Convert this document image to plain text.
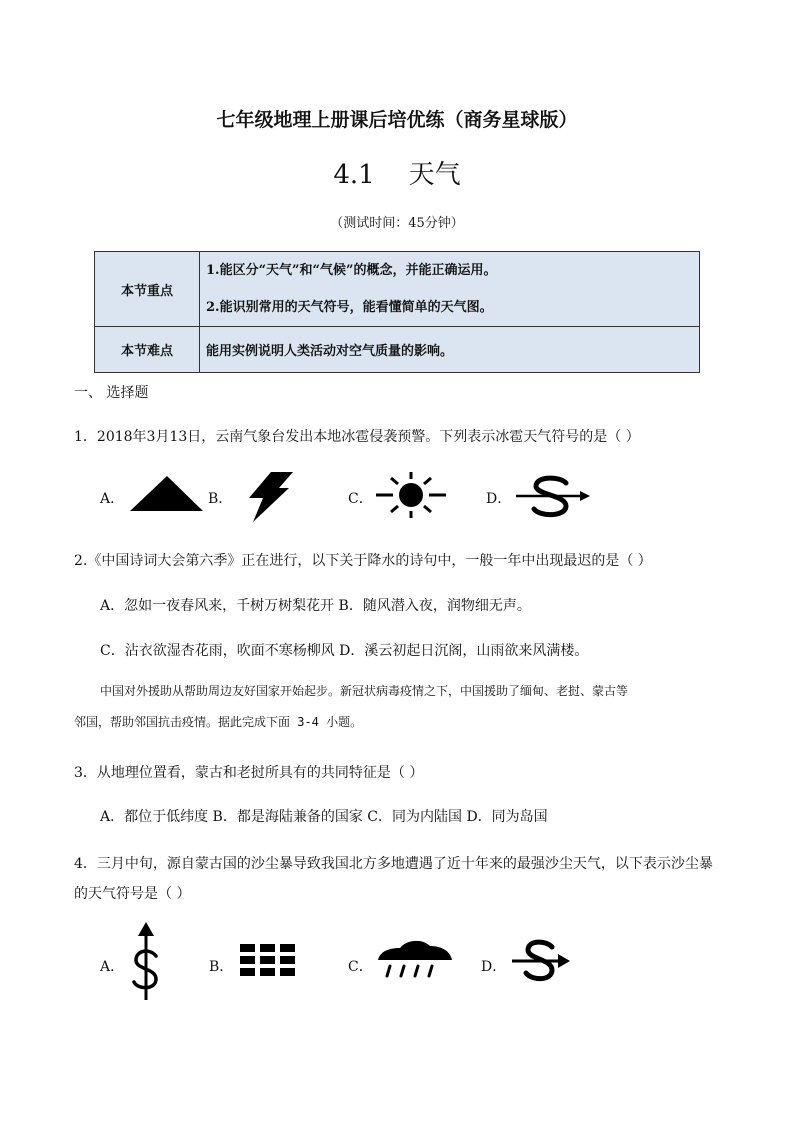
七年级地理上册课后培优练（商务星球版）
4.1 天气
（测试时间：45分钟）
本节重点	1.能区分“天气”和“气候”的概念，并能正确运用。
2.能识别常用的天气符号，能看懂简单的天气图。

本节难点	能用实例说明人类活动对空气质量的影响。
一、 选择题
1．2018年3月13日，云南气象台发出本地冰雹侵袭预警。下列表示冰雹天气符号的是（ ）
A．	B．	C．	D．
2.《中国诗词大会第六季》正在进行，以下关于降水的诗句中，一般一年中出现最迟的是（ ）
A．忽如一夜春风来，千树万树梨花开 B．随风潜入夜，润物细无声。
C．沾衣欲湿杏花雨，吹面不寒杨柳风 D．溪云初起日沉阁，山雨欲来风满楼。
中国对外援助从帮助周边友好国家开始起步。新冠状病毒疫情之下，中国援助了缅甸、老挝、蒙古等
邻国，帮助邻国抗击疫情。据此完成下面 3-4 小题。
3．从地理位置看，蒙古和老挝所具有的共同特征是（ ）
A．都位于低纬度 B．都是海陆兼备的国家 C．同为内陆国 D．同为岛国
4．三月中旬，源自蒙古国的沙尘暴导致我国北方多地遭遇了近十年来的最强沙尘天气，以下表示沙尘暴
的天气符号是（ ）
A．	B．	C．	D．
